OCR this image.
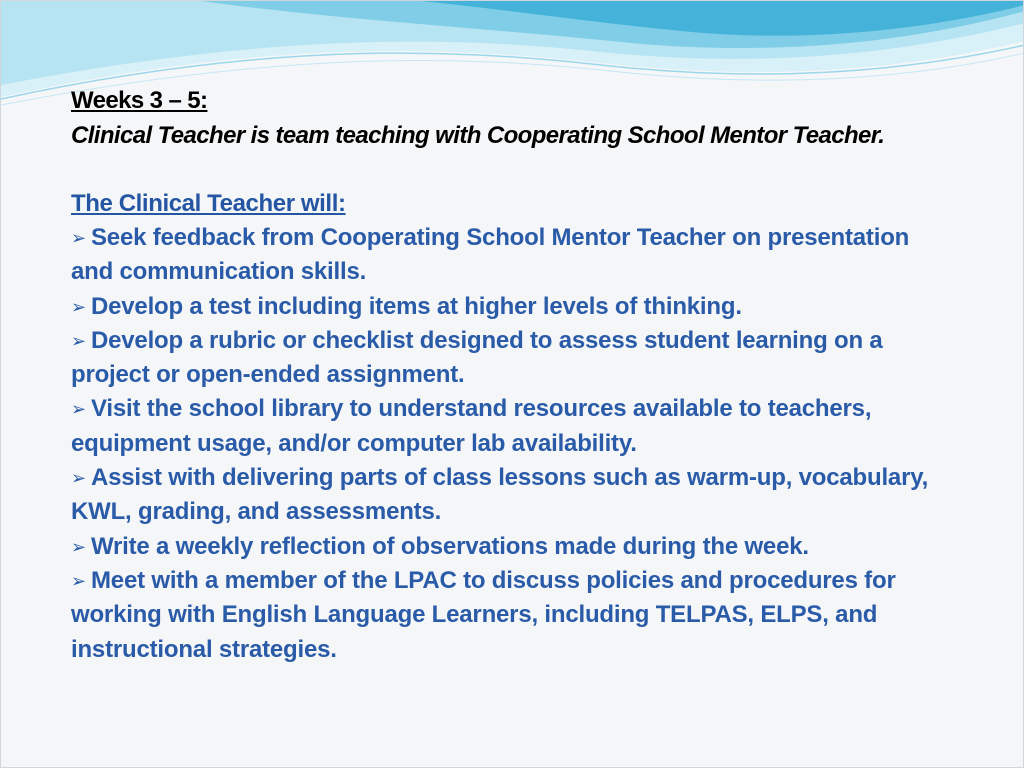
Weeks 3 – 5:
Clinical Teacher is team teaching with Cooperating School Mentor Teacher.
The Clinical Teacher will:
➢ Seek feedback from Cooperating School Mentor Teacher on presentation and communication skills.
➢ Develop a test including items at higher levels of thinking.
➢ Develop a rubric or checklist designed to assess student learning on a project or open-ended assignment.
➢ Visit the school library to understand resources available to teachers, equipment usage, and/or computer lab availability.
➢ Assist with delivering parts of class lessons such as warm-up, vocabulary, KWL, grading, and assessments.
➢ Write a weekly reflection of observations made during the week.
➢ Meet with a member of the LPAC to discuss policies and procedures for working with English Language Learners, including TELPAS, ELPS, and instructional strategies.
